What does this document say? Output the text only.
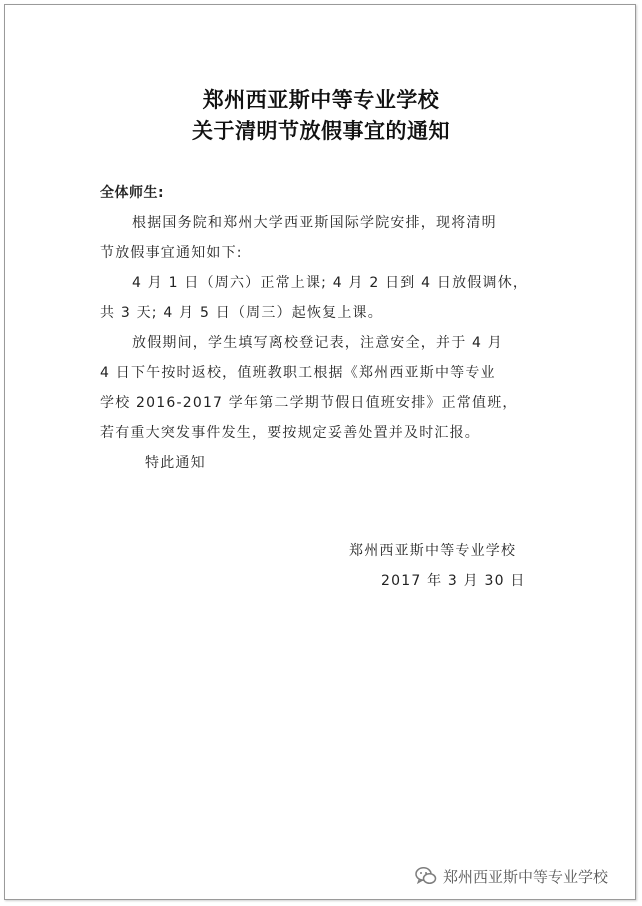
郑州西亚斯中等专业学校
关于清明节放假事宜的通知
全体师生:
根据国务院和郑州大学西亚斯国际学院安排，现将清明
节放假事宜通知如下:
4 月 1 日（周六）正常上课; 4 月 2 日到 4 日放假调休，
共 3 天; 4 月 5 日（周三）起恢复上课。
放假期间，学生填写离校登记表，注意安全，并于 4 月
4 日下午按时返校，值班教职工根据《郑州西亚斯中等专业
学校 2016-2017 学年第二学期节假日值班安排》正常值班，
若有重大突发事件发生，要按规定妥善处置并及时汇报。
特此通知
郑州西亚斯中等专业学校
2017 年 3 月 30 日
郑州西亚斯中等专业学校
